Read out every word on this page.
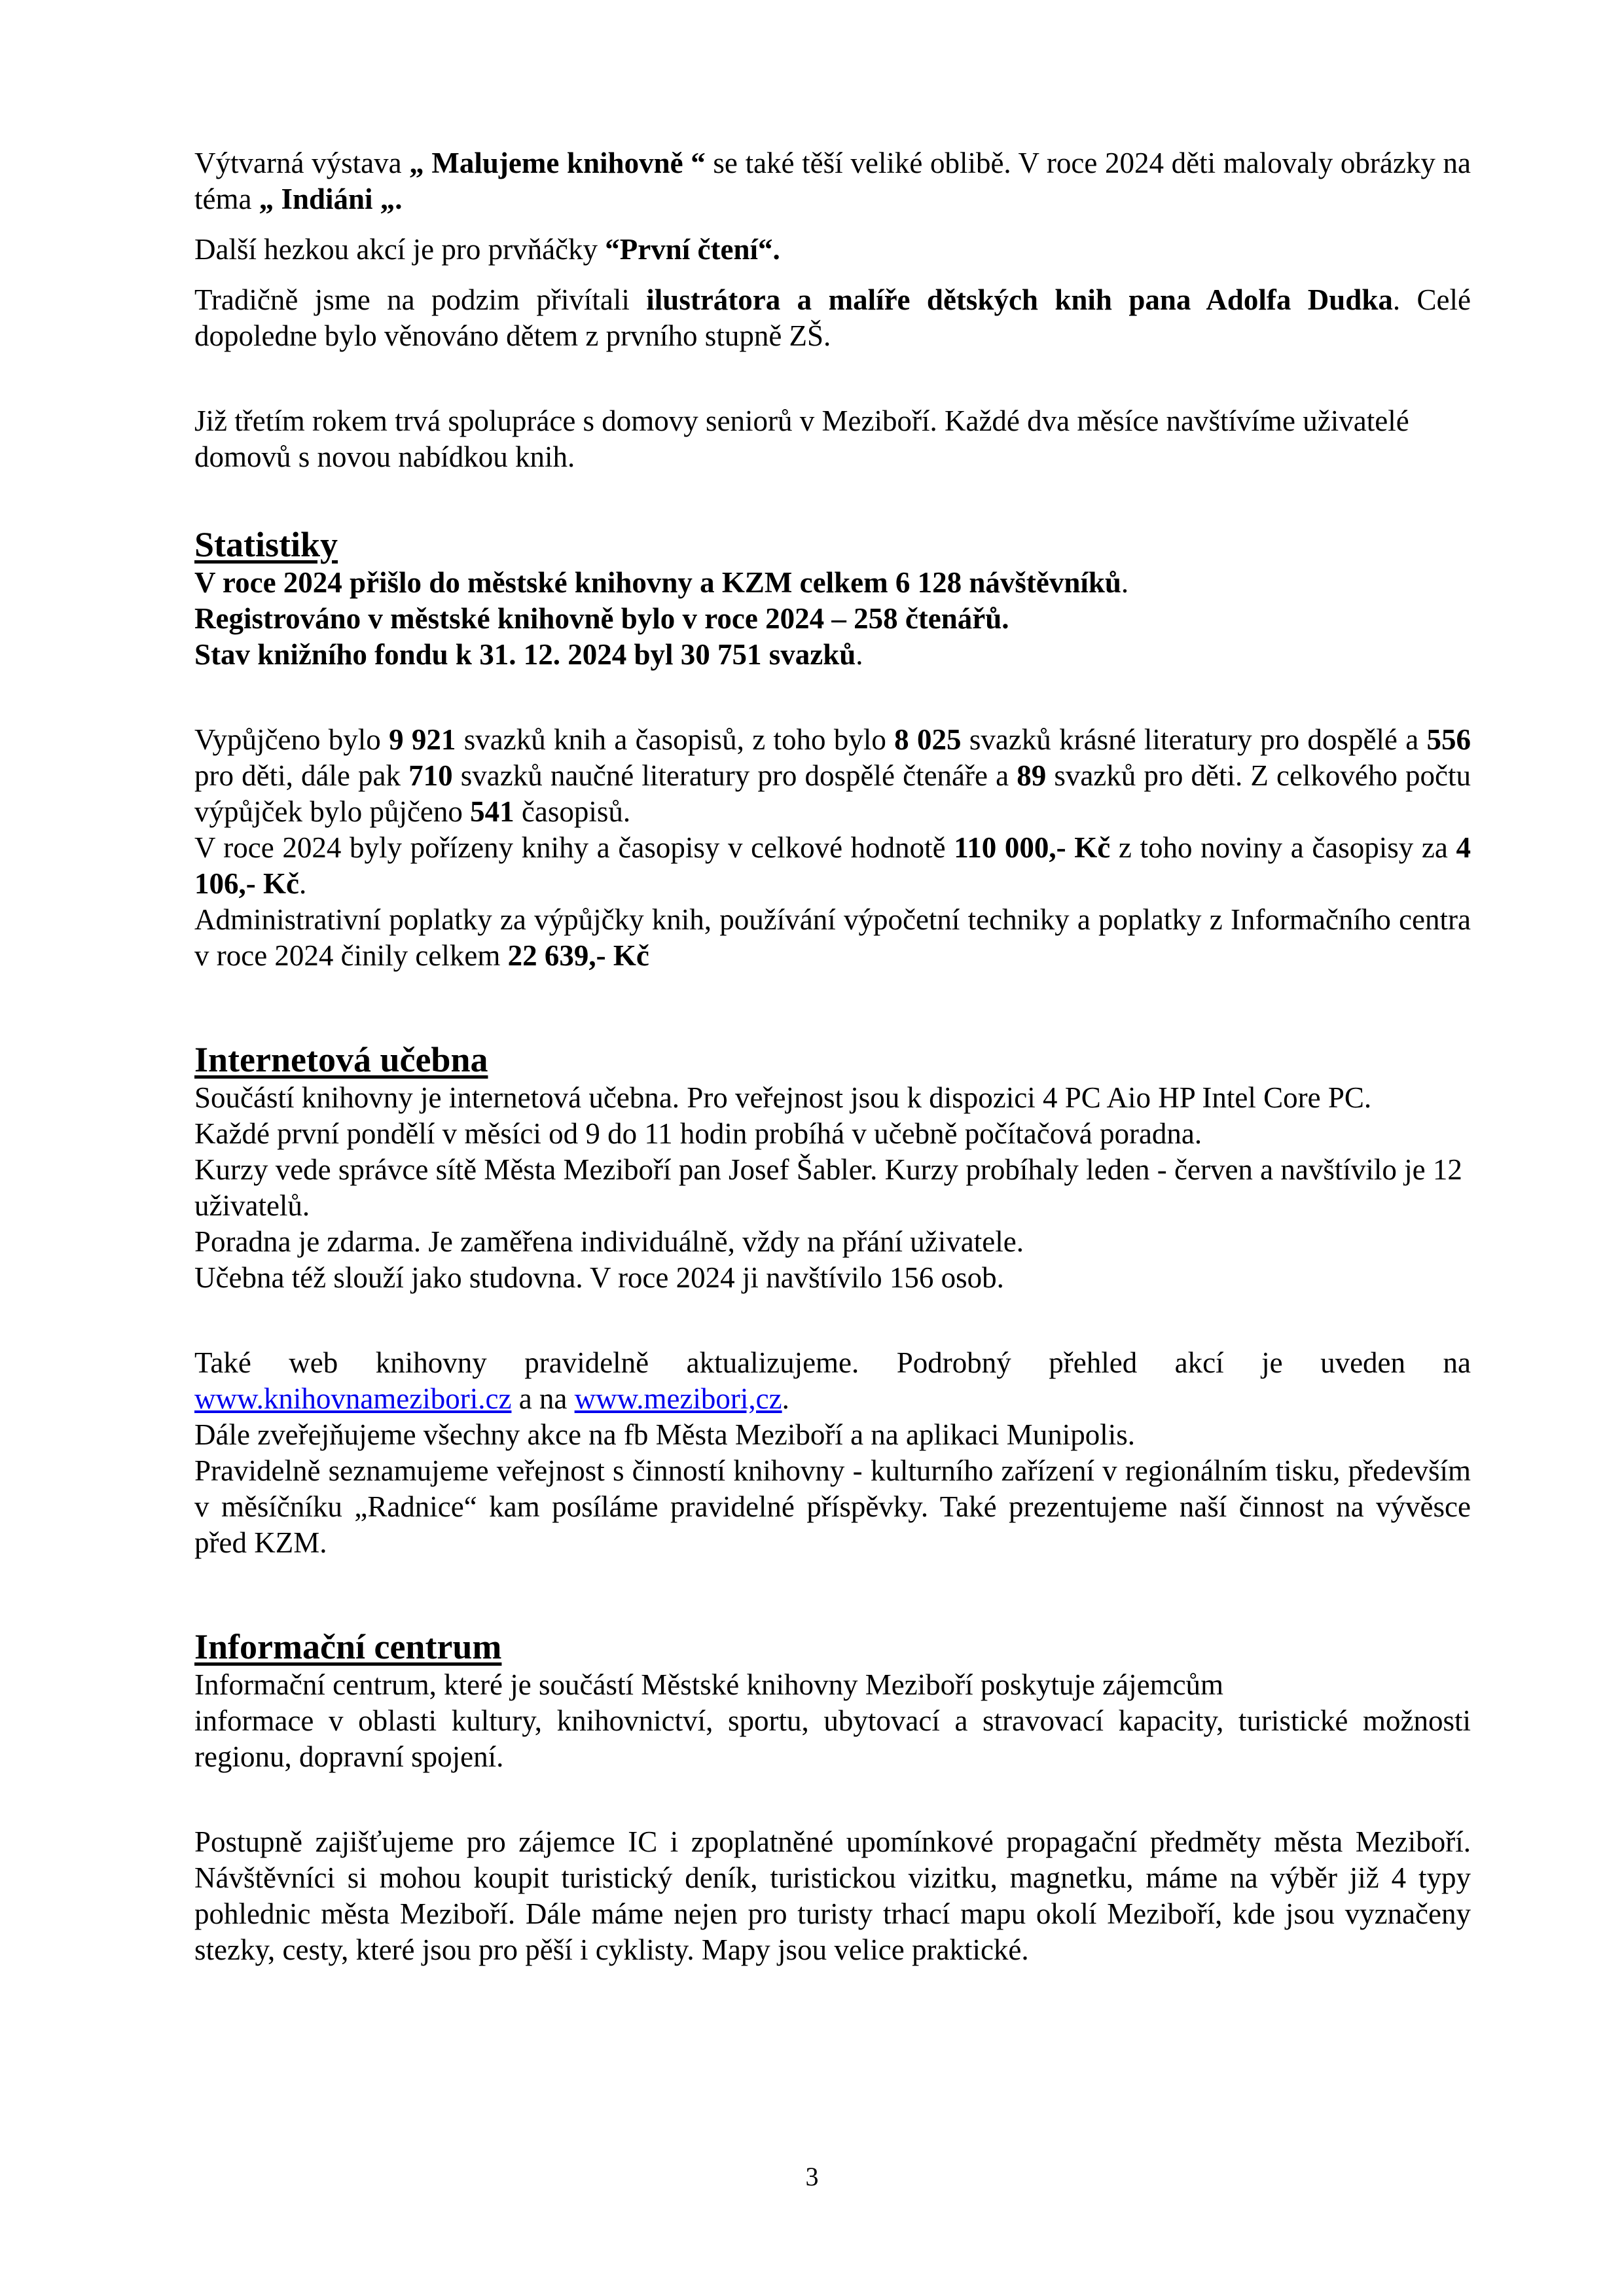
Výtvarná výstava „ Malujeme knihovně “ se také těší veliké oblibě. V roce 2024 děti malovaly obrázky na téma „ Indiáni „.

Další hezkou akcí je pro prvňáčky “První čtení“.

Tradičně jsme na podzim přivítali ilustrátora a malíře dětských knih pana Adolfa Dudka. Celé dopoledne bylo věnováno dětem z prvního stupně ZŠ.

Již třetím rokem trvá spolupráce s domovy seniorů v Meziboří. Každé dva měsíce navštívíme uživatelé domovů s novou nabídkou knih.

Statistiky

V roce 2024 přišlo do městské knihovny a KZM celkem 6 128 návštěvníků.

Registrováno v městské knihovně bylo v roce 2024 – 258 čtenářů.

Stav knižního fondu k 31. 12. 2024 byl 30 751 svazků.

Vypůjčeno bylo 9 921 svazků knih a časopisů, z toho bylo 8 025 svazků krásné literatury pro dospělé a 556 pro děti, dále pak 710 svazků naučné literatury pro dospělé čtenáře a 89 svazků pro děti. Z celkového počtu výpůjček bylo půjčeno 541 časopisů.

V roce 2024 byly pořízeny knihy a časopisy v celkové hodnotě 110 000,- Kč z toho noviny a časopisy za 4 106,- Kč.

Administrativní poplatky za výpůjčky knih, používání výpočetní techniky a poplatky z Informačního centra v roce 2024 činily celkem 22 639,- Kč

Internetová učebna

Součástí knihovny je internetová učebna. Pro veřejnost jsou k dispozici 4 PC Aio HP Intel Core PC.

Každé první pondělí v měsíci od 9 do 11 hodin probíhá v učebně počítačová poradna.

Kurzy vede správce sítě Města Meziboří pan Josef Šabler. Kurzy probíhaly leden - červen a navštívilo je 12 uživatelů.

Poradna je zdarma. Je zaměřena individuálně, vždy na přání uživatele.

Učebna též slouží jako studovna. V roce 2024 ji navštívilo 156 osob.

Také web knihovny pravidelně aktualizujeme. Podrobný přehled akcí je uveden na www.knihovnamezibori.cz a na www.mezibori,cz.

Dále zveřejňujeme všechny akce na fb Města Meziboří a na aplikaci Munipolis.

Pravidelně seznamujeme veřejnost s činností knihovny - kulturního zařízení v regionálním tisku, především v měsíčníku „Radnice“ kam posíláme pravidelné příspěvky. Také prezentujeme naší činnost na vývěsce před KZM.

Informační centrum

Informační centrum, které je součástí Městské knihovny Meziboří poskytuje zájemcům

informace v oblasti kultury, knihovnictví, sportu, ubytovací a stravovací kapacity, turistické možnosti regionu, dopravní spojení.

Postupně zajišťujeme pro zájemce IC i zpoplatněné upomínkové propagační předměty města Meziboří. Návštěvníci si mohou koupit turistický deník, turistickou vizitku, magnetku, máme na výběr již 4 typy pohlednic města Meziboří. Dále máme nejen pro turisty trhací mapu okolí Meziboří, kde jsou vyznačeny stezky, cesty, které jsou pro pěší i cyklisty. Mapy jsou velice praktické.

3
